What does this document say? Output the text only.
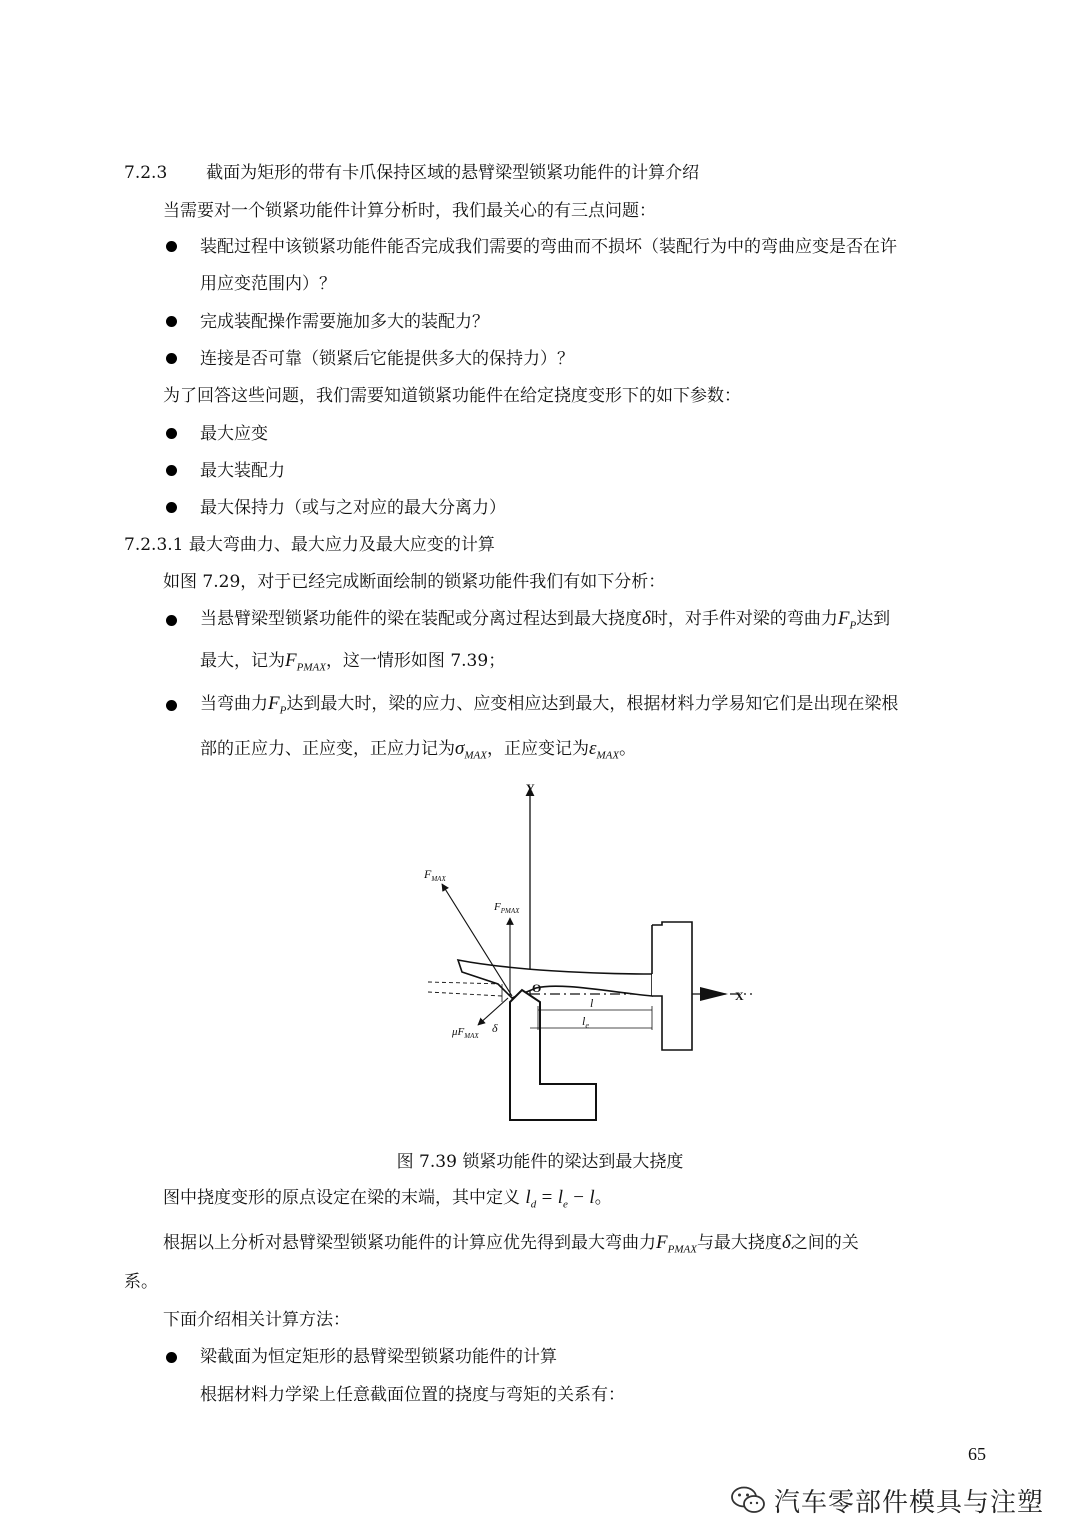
7.2.3 截面为矩形的带有卡爪保持区域的悬臂梁型锁紧功能件的计算介绍
当需要对一个锁紧功能件计算分析时，我们最关心的有三点问题：
装配过程中该锁紧功能件能否完成我们需要的弯曲而不损坏（装配行为中的弯曲应变是否在许
用应变范围内）？
完成装配操作需要施加多大的装配力？
连接是否可靠（锁紧后它能提供多大的保持力）？
为了回答这些问题，我们需要知道锁紧功能件在给定挠度变形下的如下参数：
最大应变
最大装配力
最大保持力（或与之对应的最大分离力）
7.2.3.1 最大弯曲力、最大应力及最大应变的计算
如图 7.29，对于已经完成断面绘制的锁紧功能件我们有如下分析：
当悬臂梁型锁紧功能件的梁在装配或分离过程达到最大挠度δ时，对手件对梁的弯曲力$F_P$达到
最大，记为$F_{PMAX}$，这一情形如图 7.39；
当弯曲力$F_P$达到最大时，梁的应力、应变相应达到最大，根据材料力学易知它们是出现在梁根
部的正应力、正应变，正应力记为$\sigma_{MAX}$，正应变记为$\varepsilon_{MAX}$。
Y
X
$F_{MAX}$
$F_{PMAX}$
$\mu F_{MAX}$
O
δ
l
$l_e$
图 7.39 锁紧功能件的梁达到最大挠度
图中挠度变形的原点设定在梁的末端，其中定义 $l_d = l_e - l$。
根据以上分析对悬臂梁型锁紧功能件的计算应优先得到最大弯曲力$F_{PMAX}$与最大挠度δ之间的关
系。
下面介绍相关计算方法：
梁截面为恒定矩形的悬臂梁型锁紧功能件的计算
根据材料力学梁上任意截面位置的挠度与弯矩的关系有：
65
汽车零部件模具与注塑
